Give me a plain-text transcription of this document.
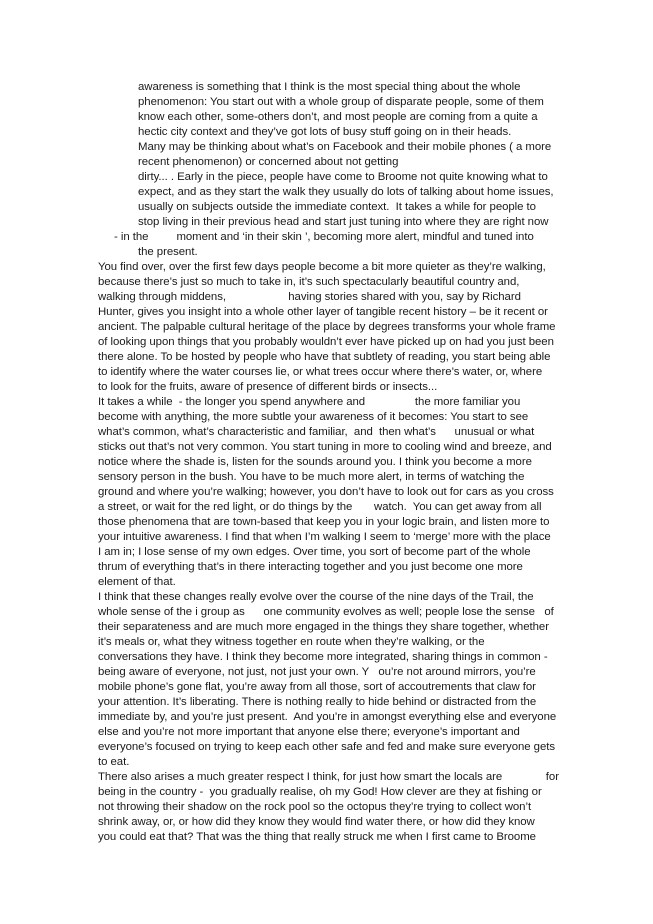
awareness is something that I think is the most special thing about the whole
phenomenon: You start out with a whole group of disparate people, some of them
know each other, some-others don’t, and most people are coming from a quite a
hectic city context and they’ve got lots of busy stuff going on in their heads.
Many may be thinking about what’s on Facebook and their mobile phones ( a more
recent phenomenon) or concerned about not getting
dirty... . Early in the piece, people have come to Broome not quite knowing what to
expect, and as they start the walk they usually do lots of talking about home issues,
usually on subjects outside the immediate context.  It takes a while for people to
stop living in their previous head and start just tuning into where they are right now
- in the         moment and ‘in their skin ’, becoming more alert, mindful and tuned into
the present.
You find over, over the first few days people become a bit more quieter as they’re walking,
because there’s just so much to take in, it’s such spectacularly beautiful country and,
walking through middens,                    having stories shared with you, say by Richard
Hunter, gives you insight into a whole other layer of tangible recent history – be it recent or
ancient. The palpable cultural heritage of the place by degrees transforms your whole frame
of looking upon things that you probably wouldn’t ever have picked up on had you just been
there alone. To be hosted by people who have that subtlety of reading, you start being able
to identify where the water courses lie, or what trees occur where there’s water, or, where
to look for the fruits, aware of presence of different birds or insects...
It takes a while  - the longer you spend anywhere and                the more familiar you
become with anything, the more subtle your awareness of it becomes: You start to see
what’s common, what’s characteristic and familiar,  and  then what’s      unusual or what
sticks out that’s not very common. You start tuning in more to cooling wind and breeze, and
notice where the shade is, listen for the sounds around you. I think you become a more
sensory person in the bush. You have to be much more alert, in terms of watching the
ground and where you’re walking; however, you don’t have to look out for cars as you cross
a street, or wait for the red light, or do things by the       watch.  You can get away from all
those phenomena that are town-based that keep you in your logic brain, and listen more to
your intuitive awareness. I find that when I’m walking I seem to ‘merge’ more with the place
I am in; I lose sense of my own edges. Over time, you sort of become part of the whole
thrum of everything that’s in there interacting together and you just become one more
element of that.
I think that these changes really evolve over the course of the nine days of the Trail, the
whole sense of the i group as      one community evolves as well; people lose the sense   of
their separateness and are much more engaged in the things they share together, whether
it’s meals or, what they witness together en route when they’re walking, or the
conversations they have. I think they become more integrated, sharing things in common -
being aware of everyone, not just, not just your own. Y   ou’re not around mirrors, you’re
mobile phone’s gone flat, you’re away from all those, sort of accoutrements that claw for
your attention. It’s liberating. There is nothing really to hide behind or distracted from the
immediate by, and you’re just present.  And you’re in amongst everything else and everyone
else and you’re not more important that anyone else there; everyone’s important and
everyone’s focused on trying to keep each other safe and fed and make sure everyone gets
to eat.
There also arises a much greater respect I think, for just how smart the locals are              for
being in the country -  you gradually realise, oh my God! How clever are they at fishing or
not throwing their shadow on the rock pool so the octopus they’re trying to collect won’t
shrink away, or, or how did they know they would find water there, or how did they know
you could eat that? That was the thing that really struck me when I first came to Broome
